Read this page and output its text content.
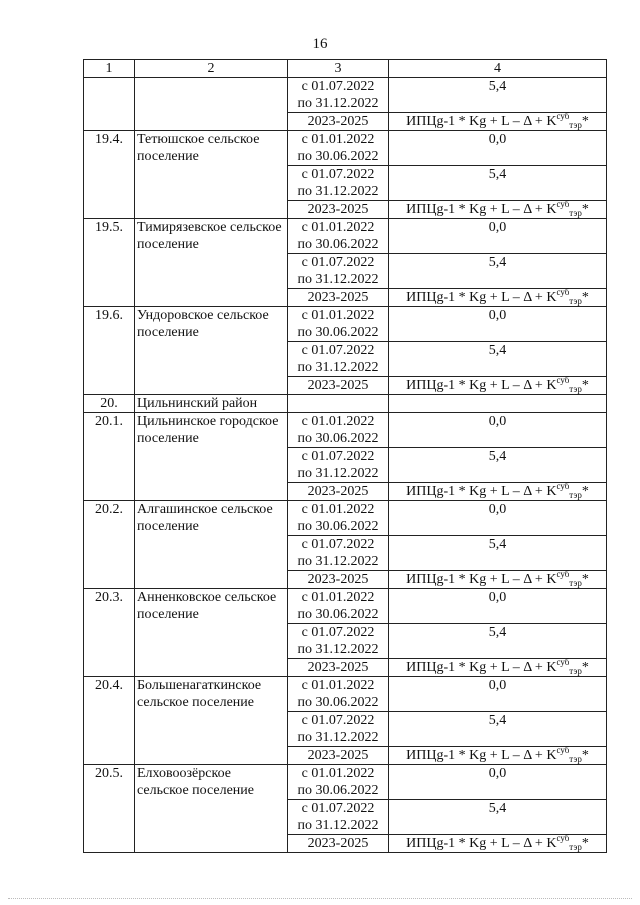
16
1	2	3	4

		с 01.07.2022
по 31.12.2022	5,4
		2023-2025	ИПЦg-1 * $Kg + L - \Delta + K^{суб}_{тэр}*$
19.4.	Тетюшское сельское поселение	с 01.01.2022
по 30.06.2022	0,0

		с 01.07.2022
по 31.12.2022	5,4
		2023-2025	ИПЦg-1 * $Kg + L - \Delta + K^{суб}_{тэр}*$
19.5.	Тимирязевское сельское поселение	с 01.01.2022
по 30.06.2022	0,0

		с 01.07.2022
по 31.12.2022	5,4
		2023-2025	ИПЦg-1 * $Kg + L - \Delta + K^{суб}_{тэр}*$
19.6.	Ундоровское сельское поселение	с 01.01.2022
по 30.06.2022	0,0

		с 01.07.2022
по 31.12.2022	5,4
		2023-2025	ИПЦg-1 * $Kg + L - \Delta + K^{суб}_{тэр}*$
20.	Цильнинский район		
20.1.	Цильнинское городское поселение	с 01.01.2022
по 30.06.2022	0,0

		с 01.07.2022
по 31.12.2022	5,4
		2023-2025	ИПЦg-1 * $Kg + L - \Delta + K^{суб}_{тэр}*$
20.2.	Алгашинское сельское поселение	с 01.01.2022
по 30.06.2022	0,0

		с 01.07.2022
по 31.12.2022	5,4
		2023-2025	ИПЦg-1 * $Kg + L - \Delta + K^{суб}_{тэр}*$
20.3.	Анненковское сельское поселение	с 01.01.2022
по 30.06.2022	0,0

		с 01.07.2022
по 31.12.2022	5,4
		2023-2025	ИПЦg-1 * $Kg + L - \Delta + K^{суб}_{тэр}*$
20.4.	Большенагаткинское сельское поселение	с 01.01.2022
по 30.06.2022	0,0

		с 01.07.2022
по 31.12.2022	5,4
		2023-2025	ИПЦg-1 * $Kg + L - \Delta + K^{суб}_{тэр}*$
20.5.	Елховоозёрское сельское поселение	с 01.01.2022
по 30.06.2022	0,0

		с 01.07.2022
по 31.12.2022	5,4
		2023-2025	ИПЦg-1 * $Kg + L - \Delta + K^{суб}_{тэр}*$
